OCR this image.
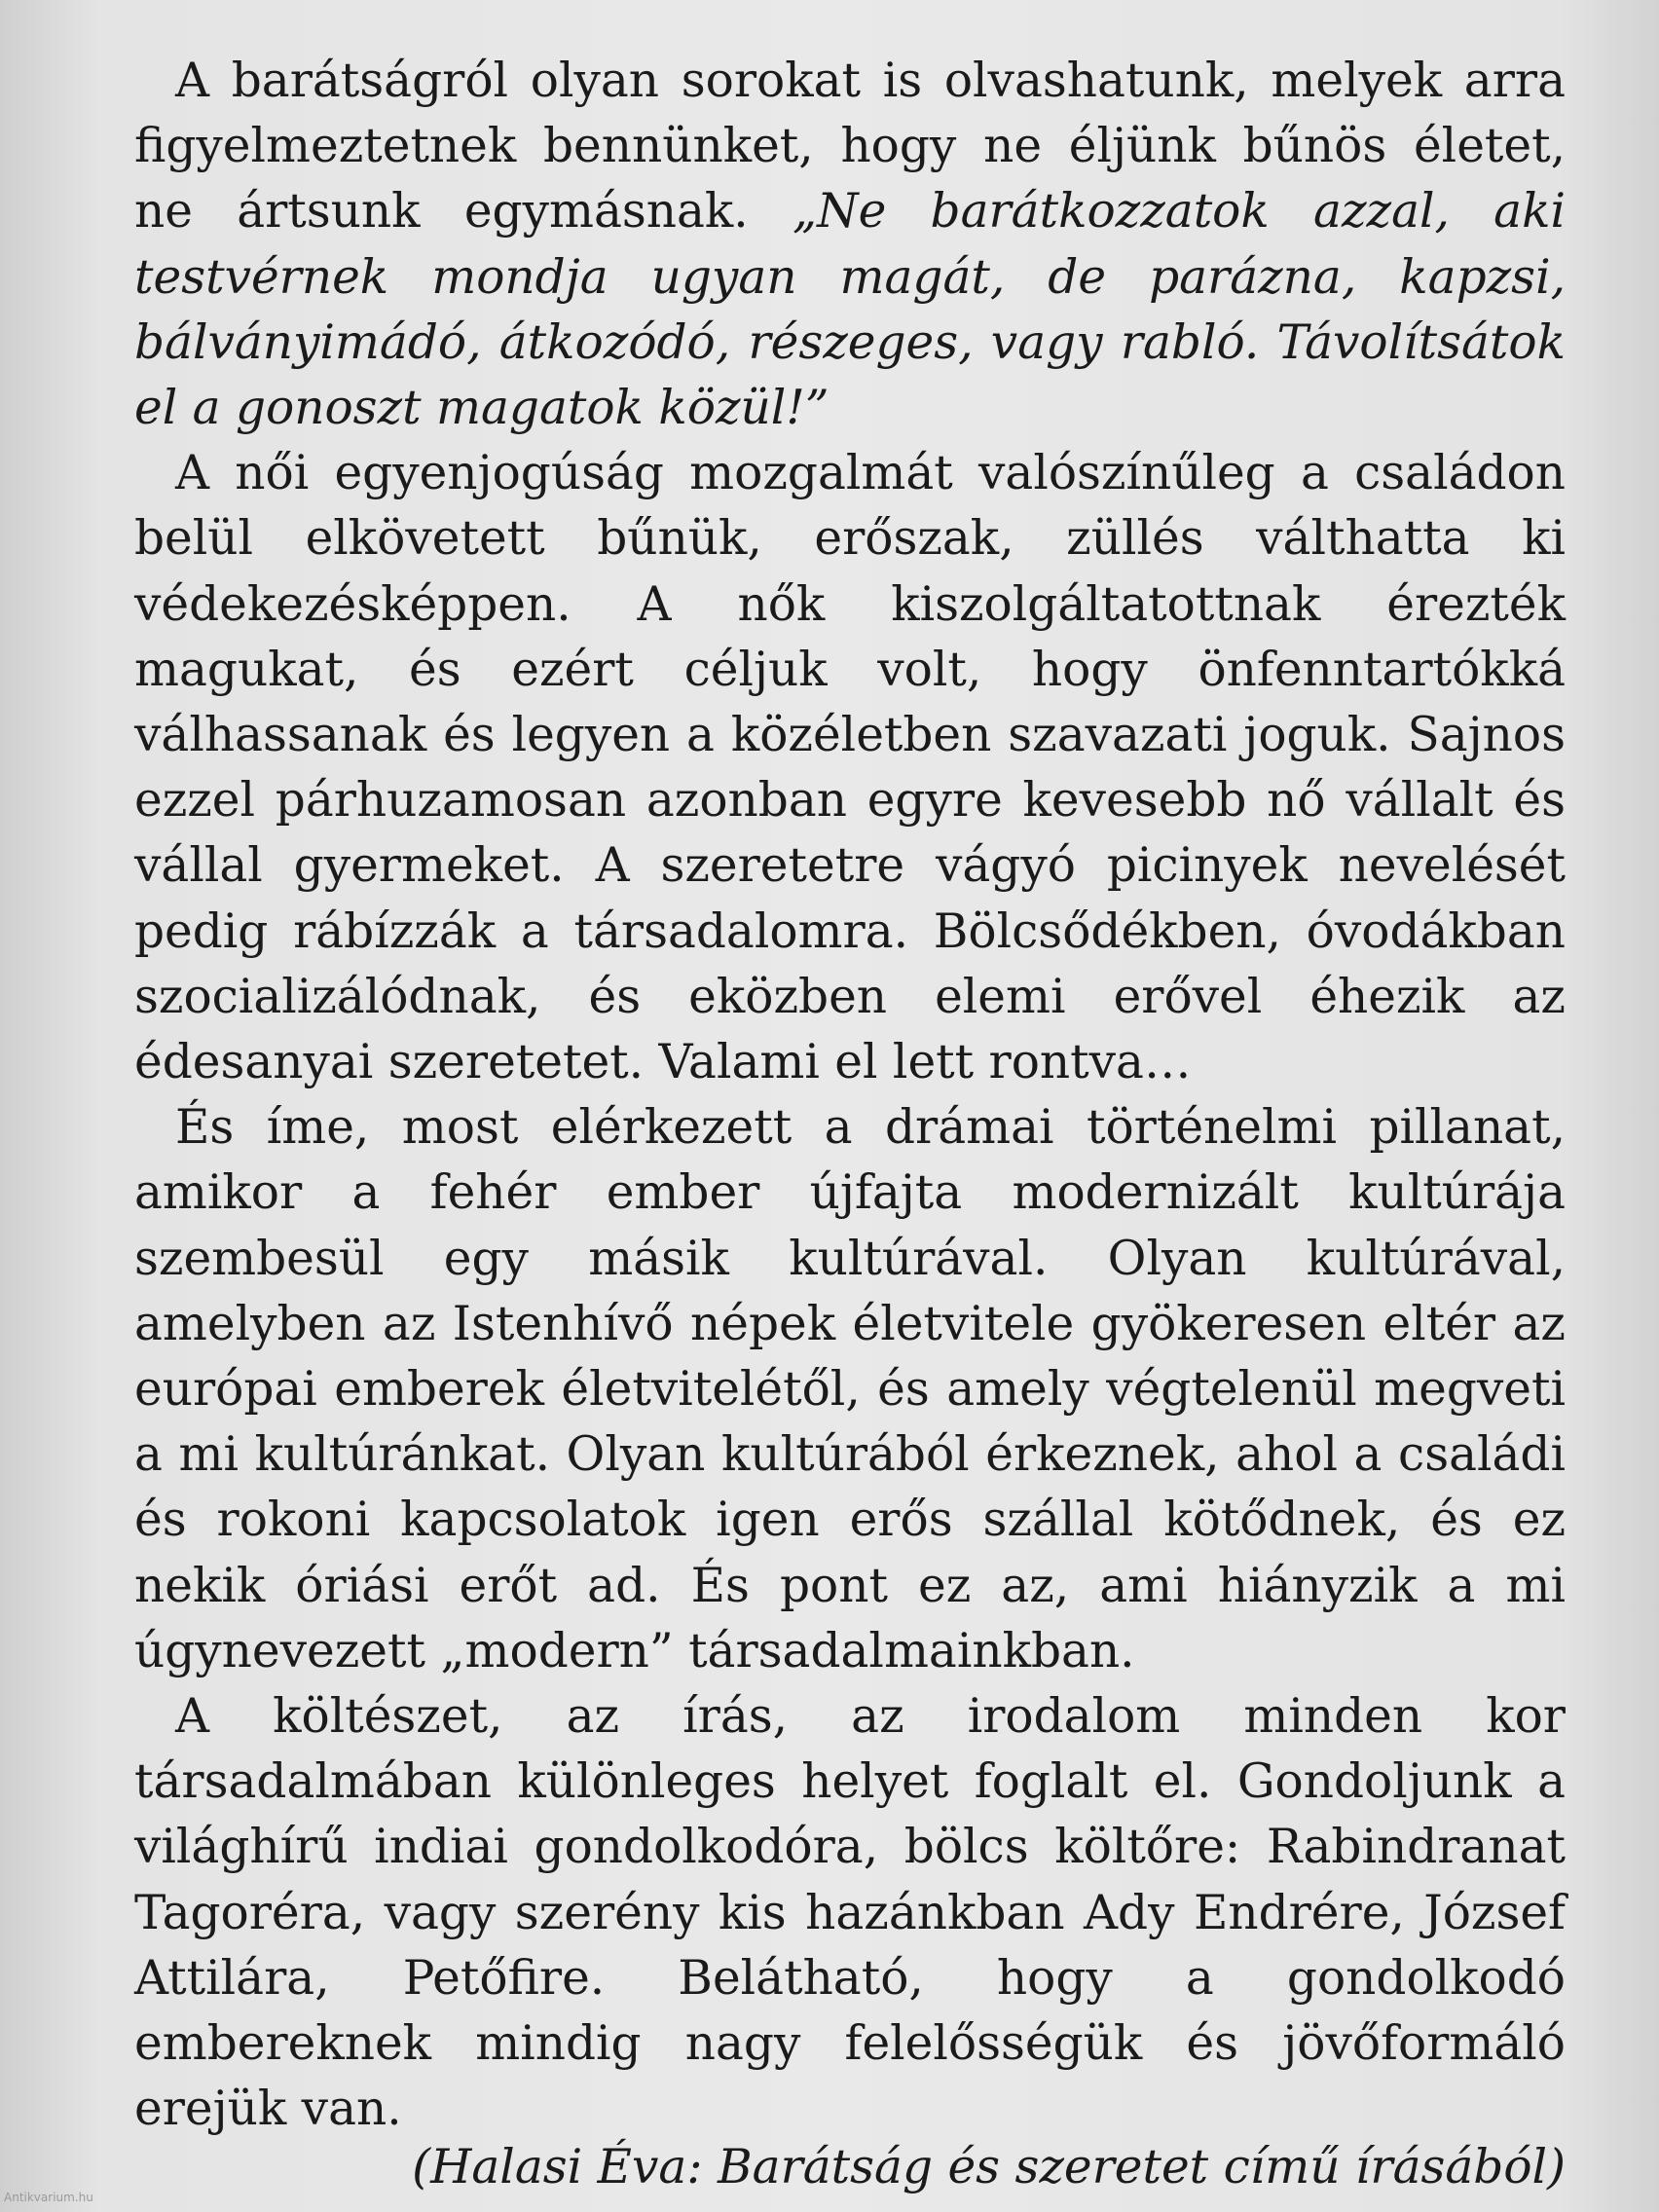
A barátságról olyan sorokat is olvashatunk, melyek arra figyelmeztetnek bennünket, hogy ne éljünk bűnös életet, ne ártsunk egymásnak. „Ne barátkozzatok azzal, aki testvérnek mondja ugyan magát, de parázna, kapzsi, bálványimádó, átkozódó, részeges, vagy rabló. Távolítsátok el a gonoszt magatok közül!”

A női egyenjogúság mozgalmát valószínűleg a családon belül elkövetett bűnük, erőszak, züllés válthatta ki védekezésképpen. A nők kiszolgáltatottnak érezték magukat, és ezért céljuk volt, hogy önfenntartókká válhassanak és legyen a közéletben szavazati joguk. Sajnos ezzel párhuzamosan azonban egyre kevesebb nő vállalt és vállal gyermeket. A szeretetre vágyó picinyek nevelését pedig rábízzák a társadalomra. Bölcsődékben, óvodákban szocializálódnak, és eközben elemi erővel éhezik az édesanyai szeretetet. Valami el lett rontva…

És íme, most elérkezett a drámai történelmi pillanat, amikor a fehér ember újfajta modernizált kultúrája szembesül egy másik kultúrával. Olyan kultúrával, amelyben az Istenhívő népek életvitele gyökeresen eltér az európai emberek életvitelétől, és amely végtelenül megveti a mi kultúránkat. Olyan kultúrából érkeznek, ahol a családi és rokoni kapcsolatok igen erős szállal kötődnek, és ez nekik óriási erőt ad. És pont ez az, ami hiányzik a mi úgynevezett „modern” társadalmainkban.

A költészet, az írás, az irodalom minden kor társadalmában különleges helyet foglalt el. Gondoljunk a világhírű indiai gondolkodóra, bölcs költőre: Rabindranat Tagoréra, vagy szerény kis hazánkban Ady Endrére, József Attilára, Petőfire. Belátható, hogy a gondolkodó embereknek mindig nagy felelősségük és jövőformáló erejük van.

(Halasi Éva: Barátság és szeretet című írásából)
Antikvarium.hu
